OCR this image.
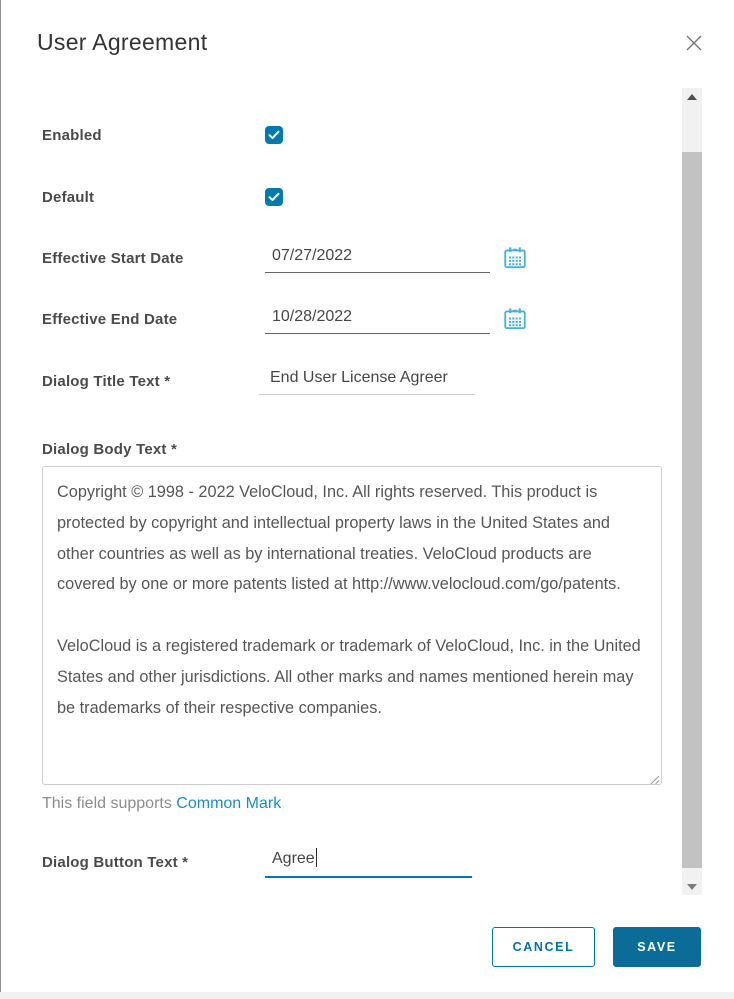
User Agreement
Enabled
Default
Effective Start Date
07/27/2022
Effective End Date
10/28/2022
Dialog Title Text *
End User License Agreer
Dialog Body Text *
Copyright © 1998 - 2022 VeloCloud, Inc. All rights reserved. This product is protected by copyright and intellectual property laws in the United States and other countries as well as by international treaties. VeloCloud products are covered by one or more patents listed at http://www.velocloud.com/go/patents. VeloCloud is a registered trademark or trademark of VeloCloud, Inc. in the United States and other jurisdictions. All other marks and names mentioned herein may be trademarks of their respective companies.
This field supports Common Mark
Dialog Button Text *	Agree
CANCEL	SAVE
